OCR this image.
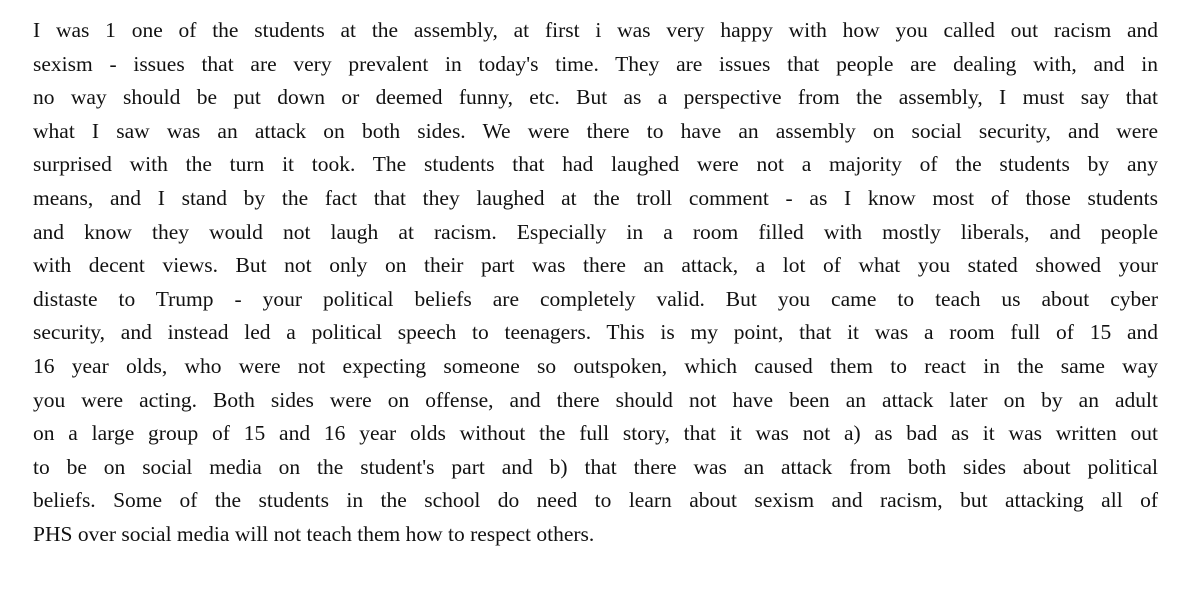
I was 1 one of the students at the assembly, at first i was very happy with how you called out racism and
sexism - issues that are very prevalent in today's time. They are issues that people are dealing with, and in
no way should be put down or deemed funny, etc. But as a perspective from the assembly, I must say that
what I saw was an attack on both sides. We were there to have an assembly on social security, and were
surprised with the turn it took. The students that had laughed were not a majority of the students by any
means, and I stand by the fact that they laughed at the troll comment - as I know most of those students
and know they would not laugh at racism. Especially in a room filled with mostly liberals, and people
with decent views. But not only on their part was there an attack, a lot of what you stated showed your
distaste to Trump - your political beliefs are completely valid. But you came to teach us about cyber
security, and instead led a political speech to teenagers. This is my point, that it was a room full of 15 and
16 year olds, who were not expecting someone so outspoken, which caused them to react in the same way
you were acting. Both sides were on offense, and there should not have been an attack later on by an adult
on a large group of 15 and 16 year olds without the full story, that it was not a) as bad as it was written out
to be on social media on the student's part and b) that there was an attack from both sides about political
beliefs. Some of the students in the school do need to learn about sexism and racism, but attacking all of
PHS over social media will not teach them how to respect others.
